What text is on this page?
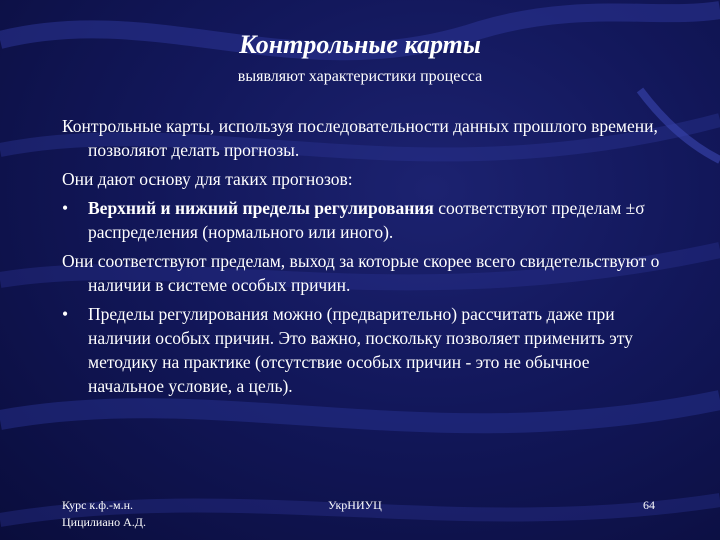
Контрольные карты
выявляют характеристики процесса

Контрольные карты, используя последовательности данных прошлого времени, позволяют делать прогнозы.

Они дают основу для таких прогнозов:

• Верхний и нижний пределы регулирования соответствуют пределам ±σ распределения (нормального или иного).

Они соответствуют пределам, выход за которые скорее всего свидетельствуют о наличии в системе особых причин.

• Пределы регулирования можно (предварительно) рассчитать даже при наличии особых причин. Это важно, поскольку позволяет применить эту методику на практике (отсутствие особых причин - это не обычное начальное условие, а цель).
Курс к.ф.-м.н.
Цицилиано А.Д.
УкрНИУЦ	64
